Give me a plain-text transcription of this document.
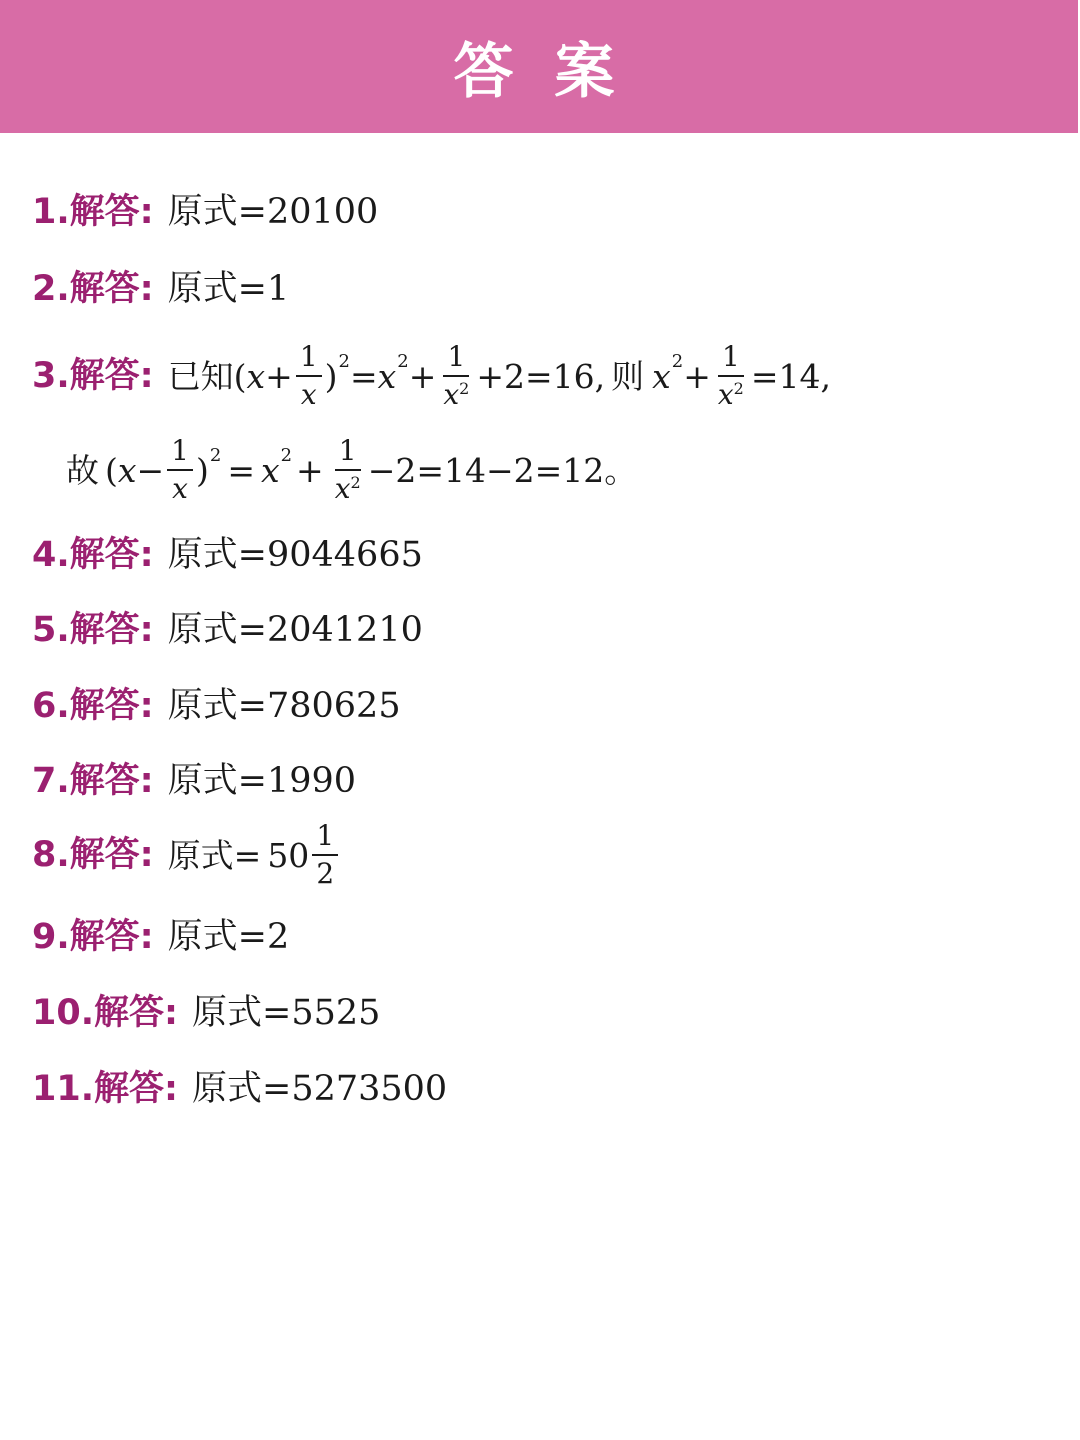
答 案
1.解答: 原式=20100
2.解答: 原式=1
3.解答: 已知 ( $x + \frac{1}{x}$ ) 2 = x $2 + \frac{1}{x^2} +2=16$ , 则 x $2 + \frac{1}{x^2} =14$,
故 ( $x - \frac{1}{x}$ ) 2 = x $2 + \frac{1}{x^2} -2=14-2=12$。
4.解答: 原式=9044665
5.解答: 原式=2041210
6.解答: 原式=780625
7.解答: 原式=1990
8.解答: 原式= $50 \frac{1}{2}$
9.解答: 原式=2
10.解答: 原式=5525
11.解答: 原式=5273500
